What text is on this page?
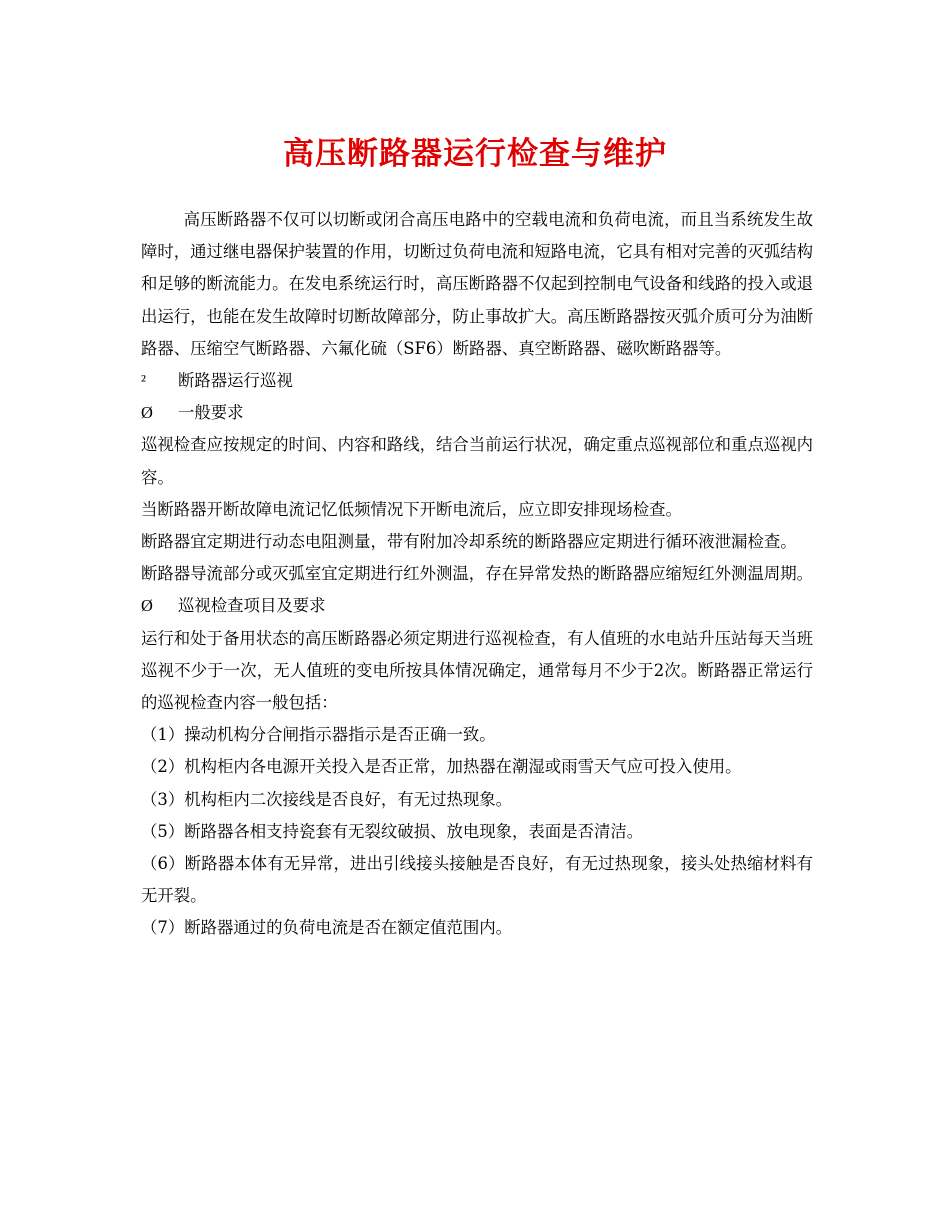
高压断路器运行检查与维护

高压断路器不仅可以切断或闭合高压电路中的空载电流和负荷电流，而且当系统发生故障时，通过继电器保护装置的作用，切断过负荷电流和短路电流，它具有相对完善的灭弧结构和足够的断流能力。在发电系统运行时，高压断路器不仅起到控制电气设备和线路的投入或退出运行，也能在发生故障时切断故障部分，防止事故扩大。高压断路器按灭弧介质可分为油断路器、压缩空气断路器、六氟化硫（SF6）断路器、真空断路器、磁吹断路器等。

²	断路器运行巡视
Ø	一般要求

巡视检查应按规定的时间、内容和路线，结合当前运行状况，确定重点巡视部位和重点巡视内容。

当断路器开断故障电流记忆低频情况下开断电流后，应立即安排现场检查。

断路器宜定期进行动态电阻测量，带有附加冷却系统的断路器应定期进行循环液泄漏检查。

断路器导流部分或灭弧室宜定期进行红外测温，存在异常发热的断路器应缩短红外测温周期。

Ø	巡视检查项目及要求

运行和处于备用状态的高压断路器必须定期进行巡视检查，有人值班的水电站升压站每天当班巡视不少于一次，无人值班的变电所按具体情况确定，通常每月不少于2次。断路器正常运行的巡视检查内容一般包括：

（1）操动机构分合闸指示器指示是否正确一致。

（2）机构柜内各电源开关投入是否正常，加热器在潮湿或雨雪天气应可投入使用。

（3）机构柜内二次接线是否良好，有无过热现象。

（5）断路器各相支持瓷套有无裂纹破损、放电现象，表面是否清洁。

（6）断路器本体有无异常，进出引线接头接触是否良好，有无过热现象，接头处热缩材料有无开裂。

（7）断路器通过的负荷电流是否在额定值范围内。
